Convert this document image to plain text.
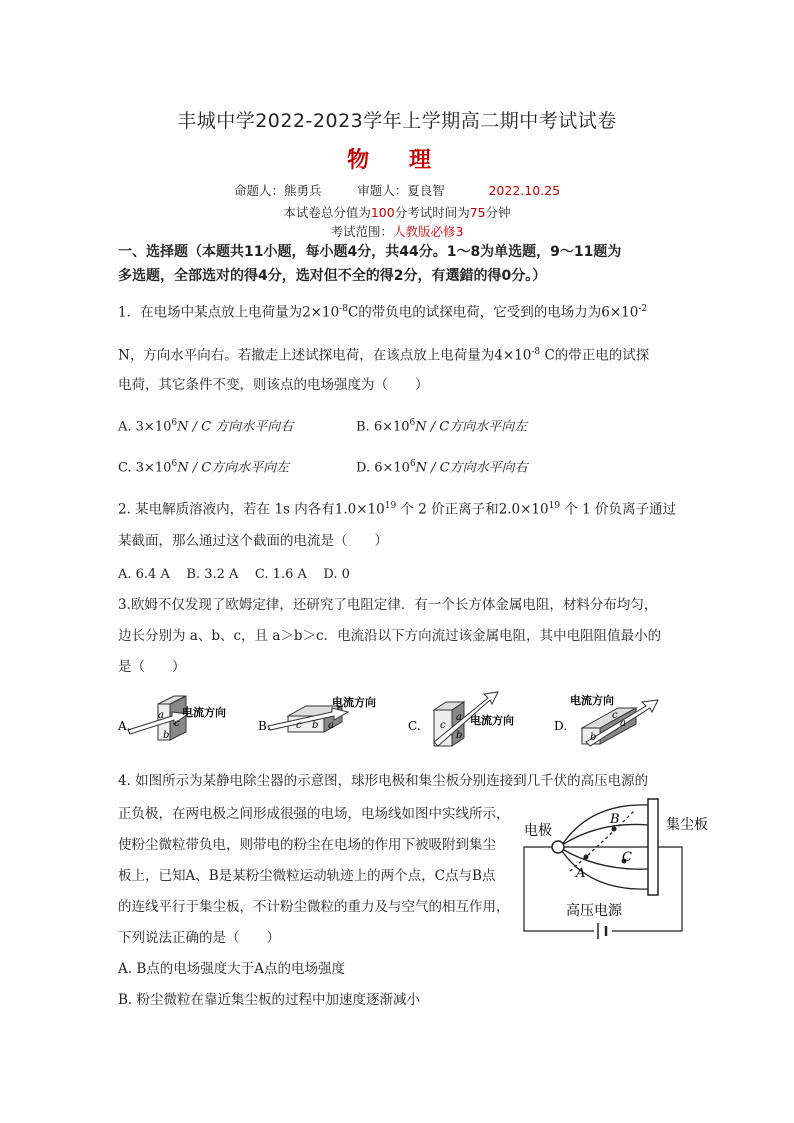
丰城中学2022-2023学年上学期高二期中考试试卷
物 理
命题人：熊勇兵	审题人：夏良智	2022.10.25
本试卷总分值为100分考试时间为75分钟
考试范围：人教版必修3
一、选择题（本题共11小题，每小题4分，共44分。1～8为单选题，9～11题为
多选题，全部选对的得4分，选对但不全的得2分，有選錯的得0分。）
1．在电场中某点放上电荷量为$2\times 10^{-8}C$的带负电的试探电荷，它受到的电场力为$6\times 10^{-2}$
N，方向水平向右。若撤走上述试探电荷，在该点放上电荷量为$4\times 10^{-8}$ C的带正电的试探
电荷，其它条件不变，则该点的电场强度为（　　）
A. $3\times 10^6N / C$ 方向水平向右	B. $6\times 10^6N / C$方向水平向左
C. $3\times 10^6N / C$方向水平向左	D. $6\times 10^6N / C$方向水平向右
2. 某电解质溶液内，若在 1s 内各有$1.0\times 10^{19}$ 个 2 价正离子和$2.0\times 10^{19}$ 个 1 价负离子通过
某截面，那么通过这个截面的电流是（　　）
A. 6.4 A    B. 3.2 A    C. 1.6 A    D. 0
3.欧姆不仅发现了欧姆定律，还研究了电阻定律．有一个长方体金属电阻，材料分布均匀，
边长分别为 a、b、c，且 a＞b＞c．电流沿以下方向流过该金属电阻，其中电阻阻值最小的
是（　　）
A.
电流方向
a
c
b
B.
电流方向
b a
c	C.	电流方向
a
c
b
D.
电流方向
a
c
b
4. 如图所示为某静电除尘器的示意图，球形电极和集尘板分别连接到几千伏的高压电源的
正负极，在两电极之间形成很强的电场，电场线如图中实线所示，
使粉尘微粒带负电，则带电的粉尘在电场的作用下被吸附到集尘
板上，已知A、B是某粉尘微粒运动轨迹上的两个点，C点与B点
的连线平行于集尘板，不计粉尘微粒的重力及与空气的相互作用，
下列说法正确的是（　　）
A. B点的电场强度大于A点的电场强度
B. 粉尘微粒在靠近集尘板的过程中加速度逐渐减小
电极	集尘板
高压电源
A
B
C
